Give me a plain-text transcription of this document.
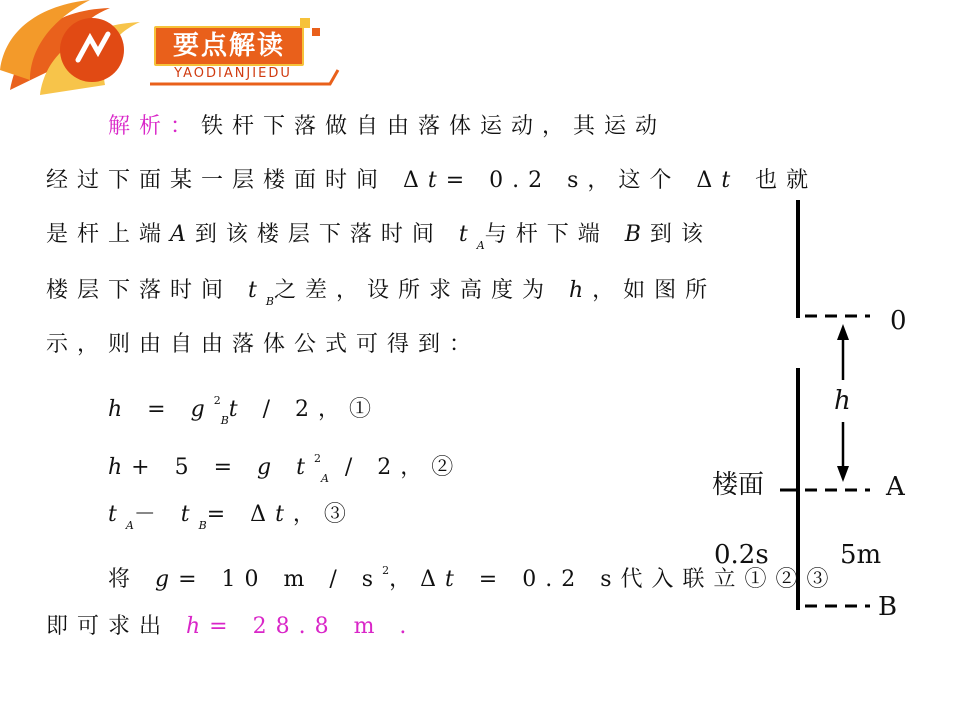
要点解读
YAODIANJIEDU
解析：铁杆下落做自由落体运动，其运动
经过下面某一层楼面时间 Δt= 0.2 s，这个 Δt 也就
是杆上端A到该楼层下落时间 $t_A$与杆下端 B到该
楼层下落时间 $t_B$之差，设所求高度为 h，如图所
示，则由自由落体公式可得到：
$h = g^2_Bt / 2$，①
h+ 5 = g $t^2_A / 2$，②
$t_A- t_B= \Delta t$，③
将 g= 10 m / $s^2$，Δt = 0.2 s代入联立①②③
即可求出 h= 28.8 m .
0
h
楼面	A
0.2s	5m
B
